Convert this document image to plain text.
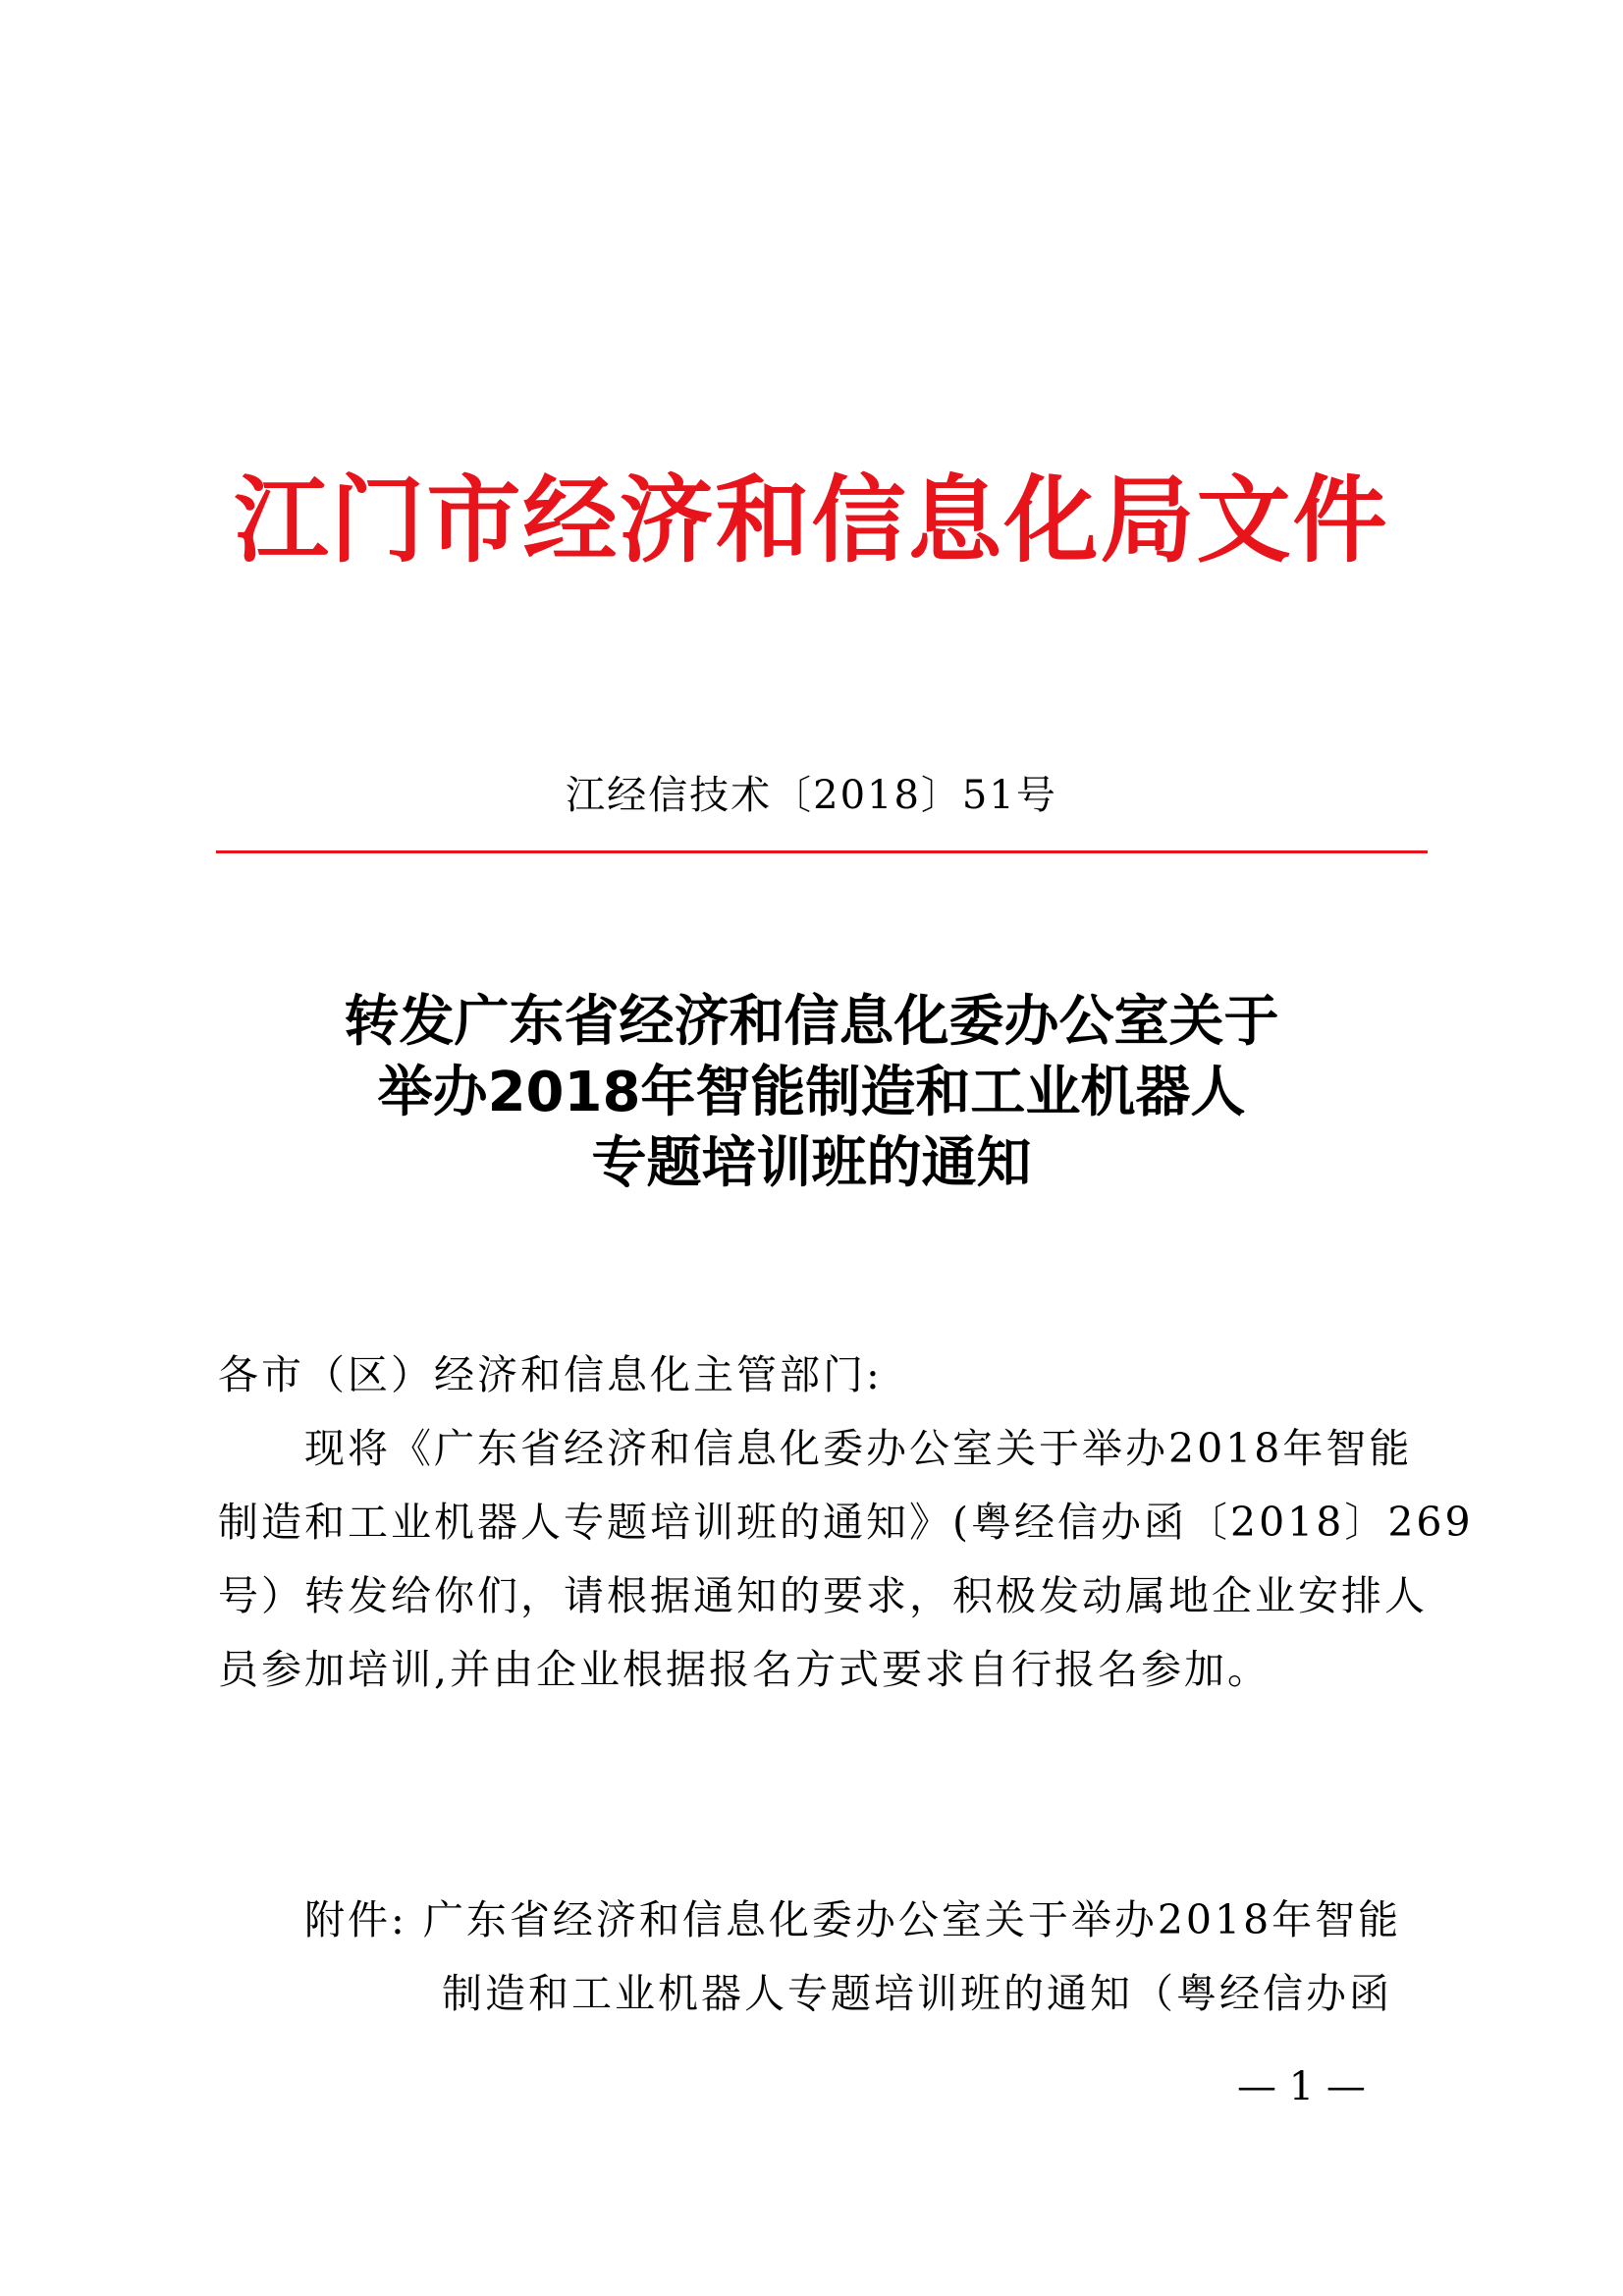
江门市经济和信息化局文件
江经信技术〔2018〕51号
转发广东省经济和信息化委办公室关于
举办2018年智能制造和工业机器人
专题培训班的通知
各市（区）经济和信息化主管部门:
现将《广东省经济和信息化委办公室关于举办2018年智能
制造和工业机器人专题培训班的通知》(粤经信办函〔2018〕269
号）转发给你们，请根据通知的要求，积极发动属地企业安排人
员参加培训,并由企业根据报名方式要求自行报名参加。
附件: 广东省经济和信息化委办公室关于举办2018年智能
制造和工业机器人专题培训班的通知（粤经信办函
— 1 —
